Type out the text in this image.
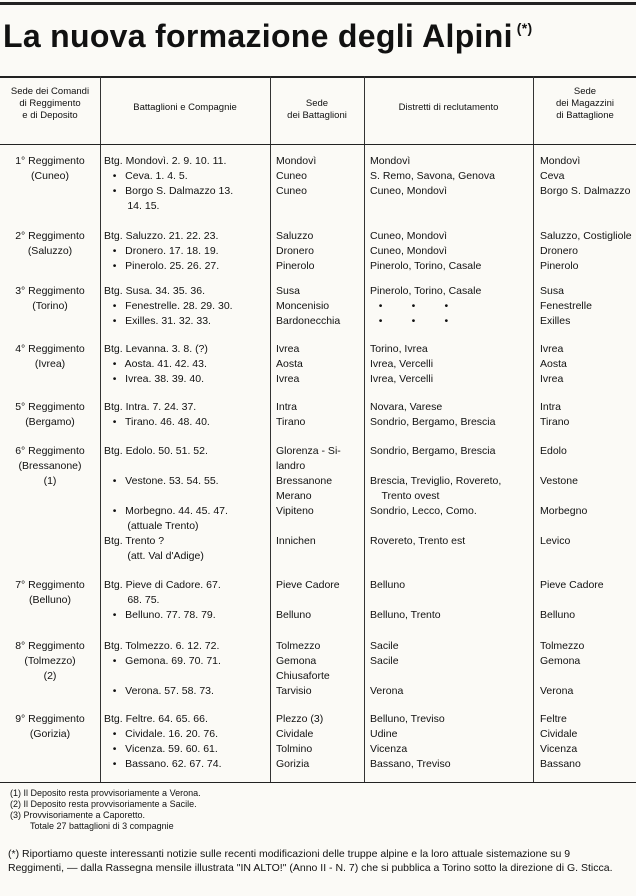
La nuova formazione degli Alpini (*)
Sede dei Comandi
di Reggimento
e di Deposito
Battaglioni e Compagnie	Sede
dei Battaglioni
Distretti di reclutamento
Sede
dei Magazzini
di Battaglione
1° Reggimento
(Cuneo)
Btg. Mondovì. 2. 9. 10. 11.
•   Ceva. 1. 4. 5.
•   Borgo S. Dalmazzo 13.
14. 15.
Mondovì
Cuneo
Cuneo
Mondovì
S. Remo, Savona, Genova
Cuneo, Mondovì
Mondovì
Ceva
Borgo S. Dalmazzo
2° Reggimento
(Saluzzo)
Btg. Saluzzo. 21. 22. 23.
•   Dronero. 17. 18. 19.
•   Pinerolo. 25. 26. 27.
Saluzzo
Dronero
Pinerolo
Cuneo, Mondovì
Cuneo, Mondovì
Pinerolo, Torino, Casale
Saluzzo, Costigliole
Dronero
Pinerolo
3° Reggimento
(Torino)
Btg. Susa. 34. 35. 36.
•   Fenestrelle. 28. 29. 30.
•   Exilles. 31. 32. 33.
Susa
Moncenisio
Bardonecchia
Pinerolo, Torino, Casale
•          •          •
•          •          •
Susa
Fenestrelle
Exilles
4° Reggimento
(Ivrea)
Btg. Levanna. 3. 8. (?)
•   Aosta. 41. 42. 43.
•   Ivrea. 38. 39. 40.
Ivrea
Aosta
Ivrea
Torino, Ivrea
Ivrea, Vercelli
Ivrea, Vercelli
Ivrea
Aosta
Ivrea
5° Reggimento
(Bergamo)
Btg. Intra. 7. 24. 37.
•   Tirano. 46. 48. 40.
Intra
Tirano
Novara, Varese
Sondrio, Bergamo, Brescia
Intra
Tirano
6° Reggimento
(Bressanone)
(1)
Btg. Edolo. 50. 51. 52.

•   Vestone. 53. 54. 55.

•   Morbegno. 44. 45. 47.
(attuale Trento)
Btg. Trento ?
(att. Val d'Adige)
Glorenza - Si-
landro
Bressanone
Merano
Vipiteno

Innichen
Sondrio, Bergamo, Brescia

Brescia, Treviglio, Rovereto,
Trento ovest
Sondrio, Lecco, Como.

Rovereto, Trento est
Edolo

Vestone

Morbegno

Levico
7° Reggimento
(Belluno)
Btg. Pieve di Cadore. 67.
68. 75.
•   Belluno. 77. 78. 79.
Pieve Cadore

Belluno
Belluno

Belluno, Trento
Pieve Cadore

Belluno
8° Reggimento
(Tolmezzo)
(2)
Btg. Tolmezzo. 6. 12. 72.
•   Gemona. 69. 70. 71.

•   Verona. 57. 58. 73.
Tolmezzo
Gemona
Chiusaforte
Tarvisio
Sacile
Sacile

Verona
Tolmezzo
Gemona

Verona
9° Reggimento
(Gorizia)
Btg. Feltre. 64. 65. 66.
•   Cividale. 16. 20. 76.
•   Vicenza. 59. 60. 61.
•   Bassano. 62. 67. 74.
Plezzo (3)
Cividale
Tolmino
Gorizia
Belluno, Treviso
Udine
Vicenza
Bassano, Treviso
Feltre
Cividale
Vicenza
Bassano
(1) Il Deposito resta provvisoriamente a Verona.
(2) Il Deposito resta provvisoriamente a Sacile.
(3) Provvisoriamente a Caporetto.
Totale 27 battaglioni di 3 compagnie
(*) Riportiamo queste interessanti notizie sulle recenti modificazioni delle truppe alpine e la loro attuale sistemazione su 9 Reggimenti, — dalla Rassegna mensile illustrata "IN ALTO!" (Anno II - N. 7) che si pubblica a Torino sotto la direzione di G. Sticca.
